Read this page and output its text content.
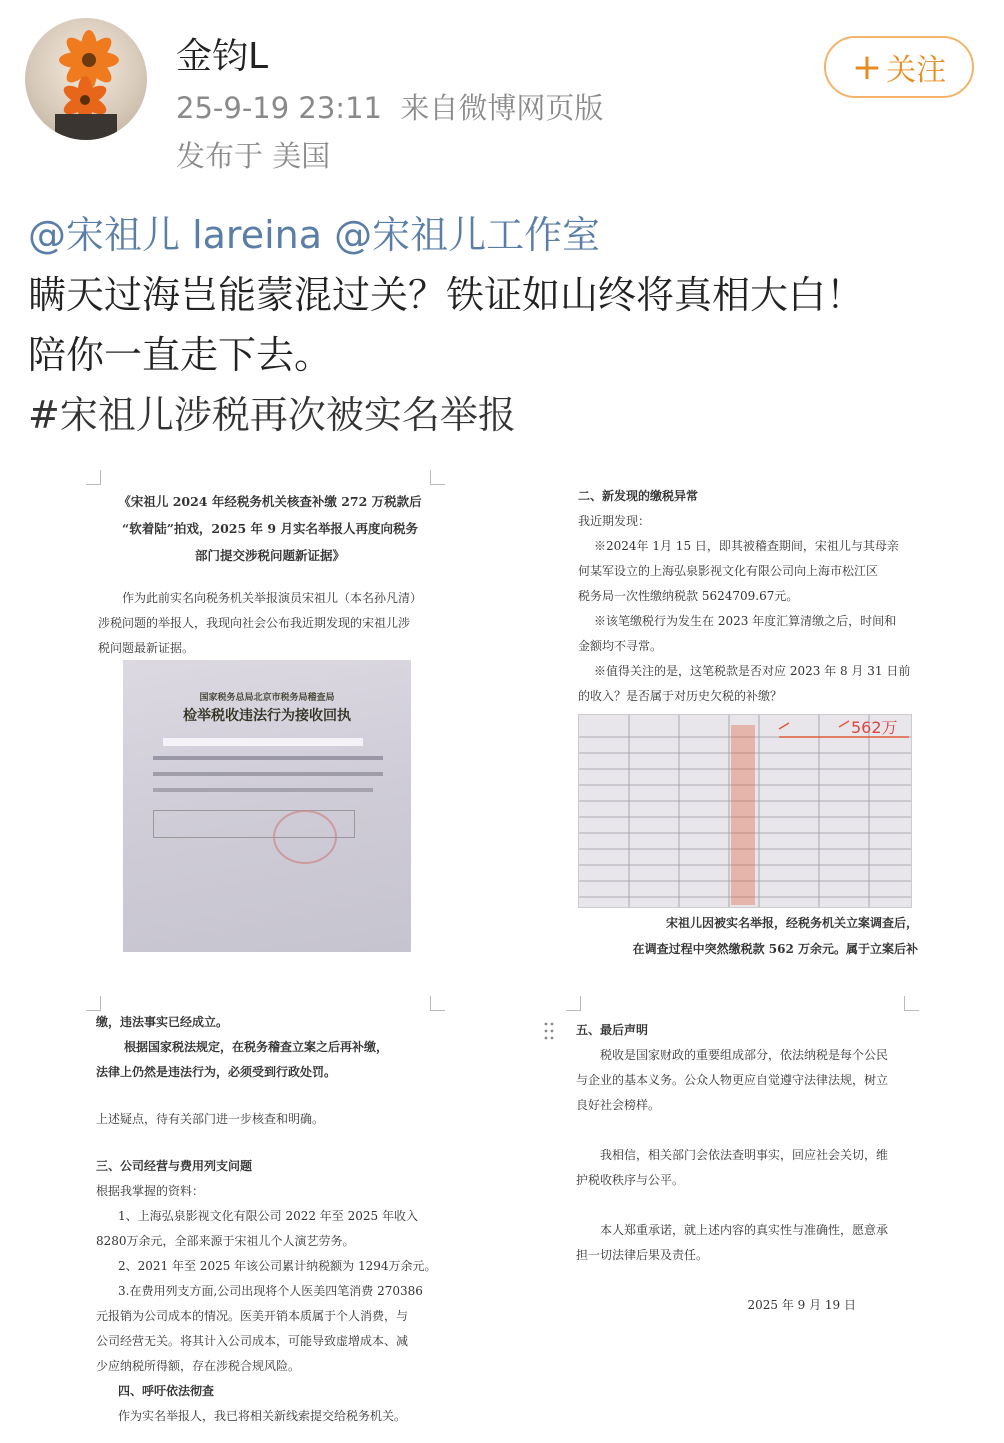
金钧L
25-9-19 23:11 来自微博网页版
发布于 美国
+ 关注
@宋祖儿 lareina @宋祖儿工作室
瞒天过海岂能蒙混过关？铁证如山终将真相大白！
陪你一直走下去。
#宋祖儿涉税再次被实名举报
《宋祖儿 2024 年经税务机关核查补缴 272 万税款后
“软着陆”拍戏，2025 年 9 月实名举报人再度向税务
部门提交涉税问题新证据》
作为此前实名向税务机关举报演员宋祖儿（本名孙凡清）
涉税问题的举报人，我现向社会公布我近期发现的宋祖儿涉
税问题最新证据。
国家税务总局北京市税务局稽查局
检举税收违法行为接收回执
二、新发现的缴税异常
我近期发现：
※2024年 1月 15 日，即其被稽查期间，宋祖儿与其母亲
何某军设立的上海弘泉影视文化有限公司向上海市松江区
税务局一次性缴纳税款 5624709.67元。
※该笔缴税行为发生在 2023 年度汇算清缴之后，时间和
金额均不寻常。
※值得关注的是，这笔税款是否对应 2023 年 8 月 31 日前
的收入？是否属于对历史欠税的补缴？
562万
宋祖儿因被实名举报，经税务机关立案调查后，
在调查过程中突然缴税款 562 万余元。属于立案后补
缴，违法事实已经成立。
根据国家税法规定，在税务稽查立案之后再补缴，
法律上仍然是违法行为，必须受到行政处罚。
上述疑点，待有关部门进一步核查和明确。
三、公司经营与费用列支问题
根据我掌握的资料：
1、上海弘泉影视文化有限公司 2022 年至 2025 年收入
8280万余元，全部来源于宋祖儿个人演艺劳务。
2、2021 年至 2025 年该公司累计纳税额为 1294万余元。
3.在费用列支方面,公司出现将个人医美四笔消费 270386
元报销为公司成本的情况。医美开销本质属于个人消费，与
公司经营无关。将其计入公司成本，可能导致虚增成本、减
少应纳税所得额，存在涉税合规风险。
四、呼吁依法彻查
作为实名举报人，我已将相关新线索提交给税务机关。
五、最后声明
税收是国家财政的重要组成部分，依法纳税是每个公民
与企业的基本义务。公众人物更应自觉遵守法律法规，树立
良好社会榜样。
我相信，相关部门会依法查明事实，回应社会关切，维
护税收秩序与公平。
本人郑重承诺，就上述内容的真实性与准确性，愿意承
担一切法律后果及责任。
2025 年 9 月 19 日
